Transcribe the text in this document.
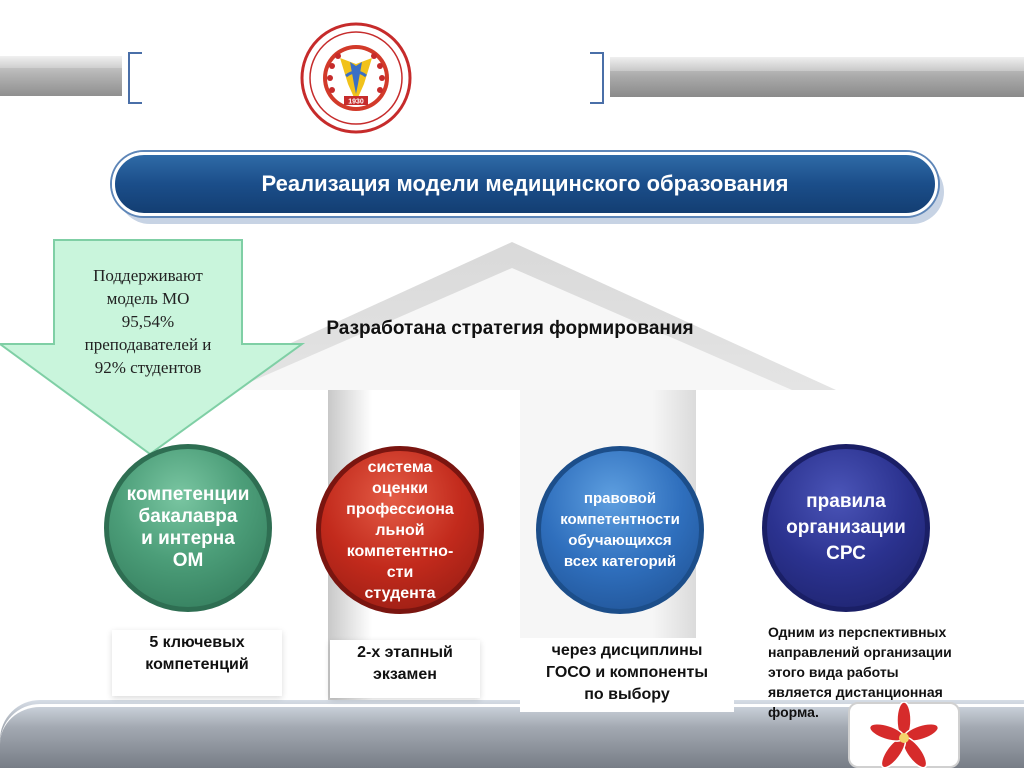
1930
Реализация модели медицинского образования
Разработана стратегия формирования
Поддерживают
модель МО
95,54%
преподавателей и
92% студентов
компетенции
бакалавра
и интерна
ОМ
система
оценки
профессиона
льной
компетентно-
сти
студента
правовой
компетентности
обучающихся
всех категорий
правила
организации
СРС
5 ключевых
компетенций
2-х этапный
экзамен
через дисциплины
ГОСО и компоненты
по выбору
Одним из перспективных
направлений организации
этого вида работы
является дистанционная
форма.
